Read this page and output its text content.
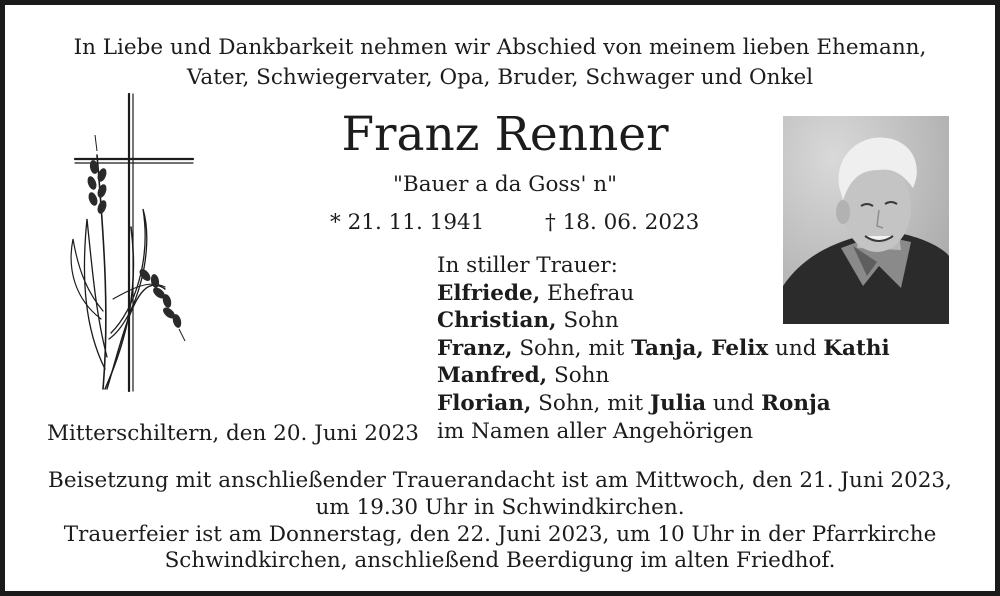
In Liebe und Dankbarkeit nehmen wir Abschied von meinem lieben Ehemann,
Vater, Schwiegervater, Opa, Bruder, Schwager und Onkel
Franz Renner
"Bauer a da Goss' n"
* 21. 11. 1941	† 18. 06. 2023
In stiller Trauer:
Elfriede, Ehefrau
Christian, Sohn
Franz, Sohn, mit Tanja, Felix und Kathi
Manfred, Sohn
Florian, Sohn, mit Julia und Ronja
im Namen aller Angehörigen
Mitterschiltern, den 20. Juni 2023
Beisetzung mit anschließender Trauerandacht ist am Mittwoch, den 21. Juni 2023,
um 19.30 Uhr in Schwindkirchen.
Trauerfeier ist am Donnerstag, den 22. Juni 2023, um 10 Uhr in der Pfarrkirche
Schwindkirchen, anschließend Beerdigung im alten Friedhof.
